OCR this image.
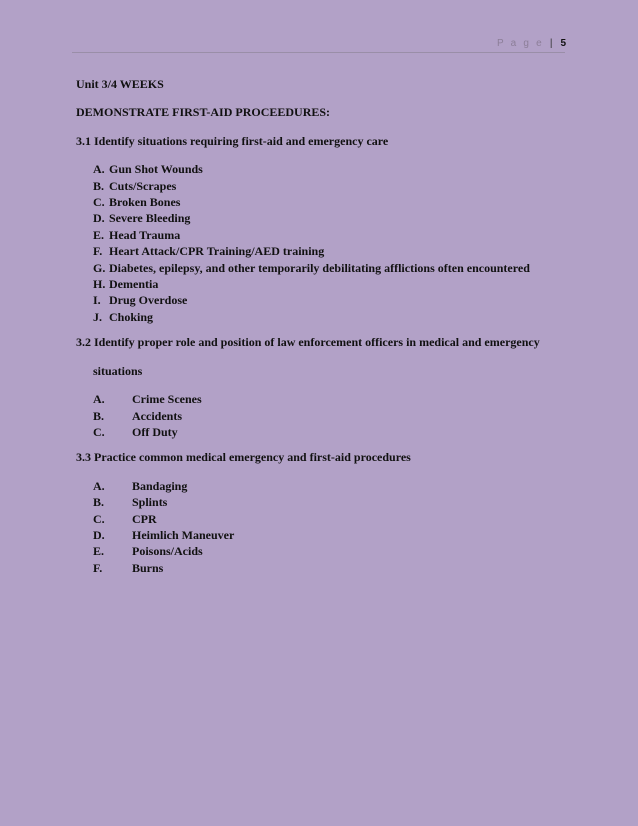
P a g e | 5

Unit 3/4 WEEKS

DEMONSTRATE FIRST-AID PROCEEDURES:

3.1 Identify situations requiring first-aid and emergency care

A. Gun Shot Wounds
B. Cuts/Scrapes
C. Broken Bones
D. Severe Bleeding
E. Head Trauma
F. Heart Attack/CPR Training/AED training
G. Diabetes, epilepsy, and other temporarily debilitating afflictions often encountered
H. Dementia
I. Drug Overdose
J. Choking

3.2 Identify proper role and position of law enforcement officers in medical and emergency

situations

A.	Crime Scenes
B.	Accidents
C.	Off Duty

3.3 Practice common medical emergency and first-aid procedures

A.	Bandaging
B.	Splints
C.	CPR
D.	Heimlich Maneuver
E.	Poisons/Acids
F.	Burns
